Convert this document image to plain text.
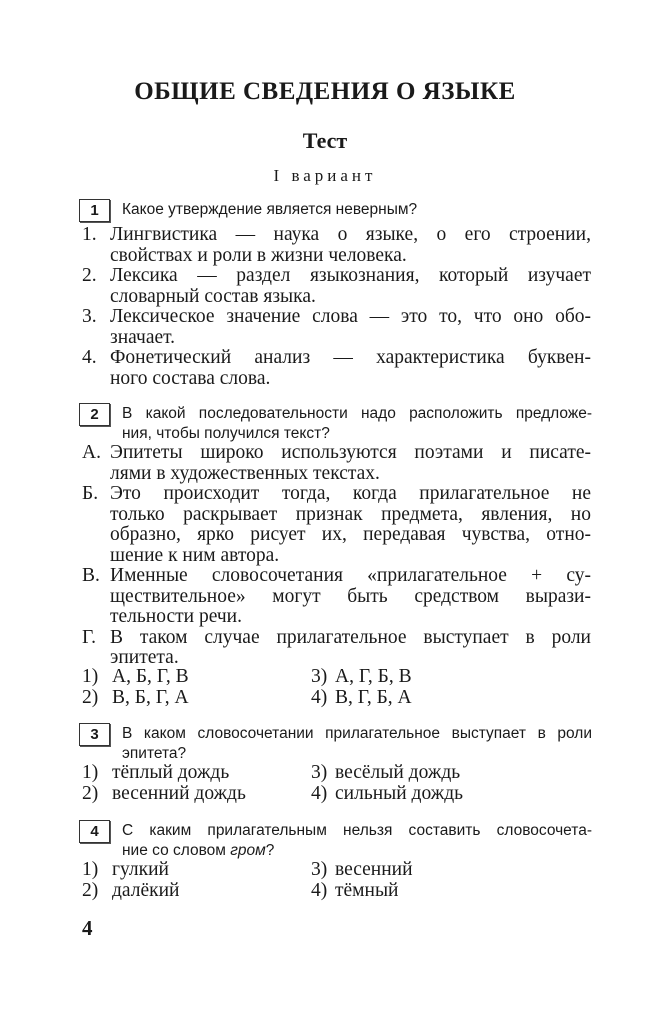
ОБЩИЕ СВЕДЕНИЯ О ЯЗЫКЕ
Тест
I вариант
1	Какое утверждение является неверным?
1. Лингвистика — наука о языке, о его строении,
свойствах и роли в жизни человека.
2. Лексика — раздел языкознания, который изучает
словарный состав языка.
3. Лексическое значение слова — это то, что оно обо-
значает.
4. Фонетический анализ — характеристика буквен-
ного состава слова.
2	В какой последовательности надо расположить предложе-
ния, чтобы получился текст?
А. Эпитеты широко используются поэтами и писате-
лями в художественных текстах.
Б. Это происходит тогда, когда прилагательное не
только раскрывает признак предмета, явления, но
образно, ярко рисует их, передавая чувства, отно-
шение к ним автора.
В. Именные словосочетания «прилагательное + су-
ществительное» могут быть средством вырази-
тельности речи.
Г. В таком случае прилагательное выступает в роли
эпитета.
1) А, Б, Г, В	3) А, Г, Б, В
2) В, Б, Г, А	4) В, Г, Б, А
3	В каком словосочетании прилагательное выступает в роли
эпитета?
1) тёплый дождь	3) весёлый дождь
2) весенний дождь	4) сильный дождь
4	С каким прилагательным нельзя составить словосочета-
ние со словом гром?
1) гулкий	3) весенний
2) далёкий	4) тёмный
4
